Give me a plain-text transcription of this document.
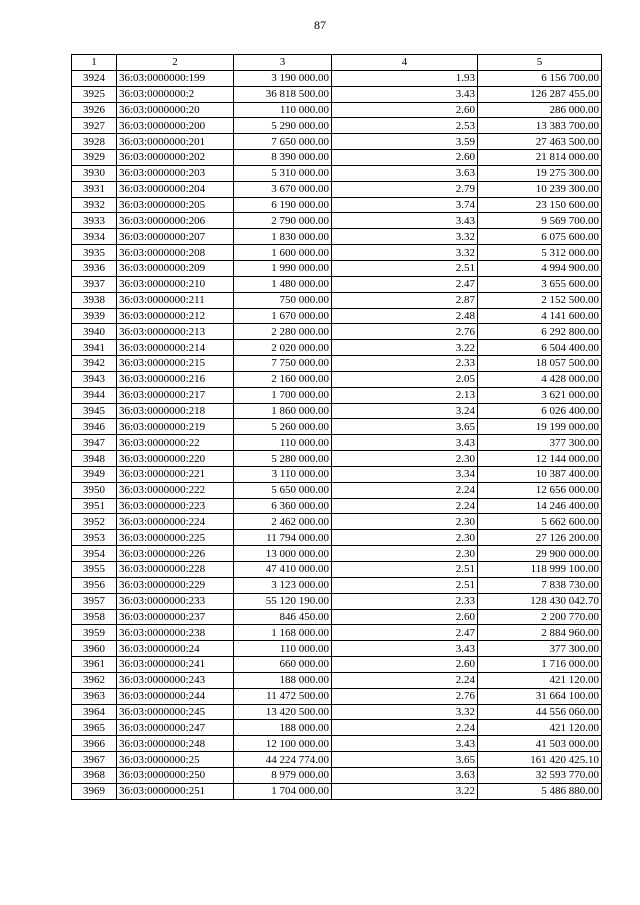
87
1	2	3	4	5
3924	36:03:0000000:199	3 190 000.00	1.93	6 156 700.00
3925	36:03:0000000:2	36 818 500.00	3.43	126 287 455.00
3926	36:03:0000000:20	110 000.00	2.60	286 000.00
3927	36:03:0000000:200	5 290 000.00	2.53	13 383 700.00
3928	36:03:0000000:201	7 650 000.00	3.59	27 463 500.00
3929	36:03:0000000:202	8 390 000.00	2.60	21 814 000.00
3930	36:03:0000000:203	5 310 000.00	3.63	19 275 300.00
3931	36:03:0000000:204	3 670 000.00	2.79	10 239 300.00
3932	36:03:0000000:205	6 190 000.00	3.74	23 150 600.00
3933	36:03:0000000:206	2 790 000.00	3.43	9 569 700.00
3934	36:03:0000000:207	1 830 000.00	3.32	6 075 600.00
3935	36:03:0000000:208	1 600 000.00	3.32	5 312 000.00
3936	36:03:0000000:209	1 990 000.00	2.51	4 994 900.00
3937	36:03:0000000:210	1 480 000.00	2.47	3 655 600.00
3938	36:03:0000000:211	750 000.00	2.87	2 152 500.00
3939	36:03:0000000:212	1 670 000.00	2.48	4 141 600.00
3940	36:03:0000000:213	2 280 000.00	2.76	6 292 800.00
3941	36:03:0000000:214	2 020 000.00	3.22	6 504 400.00
3942	36:03:0000000:215	7 750 000.00	2.33	18 057 500.00
3943	36:03:0000000:216	2 160 000.00	2.05	4 428 000.00
3944	36:03:0000000:217	1 700 000.00	2.13	3 621 000.00
3945	36:03:0000000:218	1 860 000.00	3.24	6 026 400.00
3946	36:03:0000000:219	5 260 000.00	3.65	19 199 000.00
3947	36:03:0000000:22	110 000.00	3.43	377 300.00
3948	36:03:0000000:220	5 280 000.00	2.30	12 144 000.00
3949	36:03:0000000:221	3 110 000.00	3.34	10 387 400.00
3950	36:03:0000000:222	5 650 000.00	2.24	12 656 000.00
3951	36:03:0000000:223	6 360 000.00	2.24	14 246 400.00
3952	36:03:0000000:224	2 462 000.00	2.30	5 662 600.00
3953	36:03:0000000:225	11 794 000.00	2.30	27 126 200.00
3954	36:03:0000000:226	13 000 000.00	2.30	29 900 000.00
3955	36:03:0000000:228	47 410 000.00	2.51	118 999 100.00
3956	36:03:0000000:229	3 123 000.00	2.51	7 838 730.00
3957	36:03:0000000:233	55 120 190.00	2.33	128 430 042.70
3958	36:03:0000000:237	846 450.00	2.60	2 200 770.00
3959	36:03:0000000:238	1 168 000.00	2.47	2 884 960.00
3960	36:03:0000000:24	110 000.00	3.43	377 300.00
3961	36:03:0000000:241	660 000.00	2.60	1 716 000.00
3962	36:03:0000000:243	188 000.00	2.24	421 120.00
3963	36:03:0000000:244	11 472 500.00	2.76	31 664 100.00
3964	36:03:0000000:245	13 420 500.00	3.32	44 556 060.00
3965	36:03:0000000:247	188 000.00	2.24	421 120.00
3966	36:03:0000000:248	12 100 000.00	3.43	41 503 000.00
3967	36:03:0000000:25	44 224 774.00	3.65	161 420 425.10
3968	36:03:0000000:250	8 979 000.00	3.63	32 593 770.00
3969	36:03:0000000:251	1 704 000.00	3.22	5 486 880.00
